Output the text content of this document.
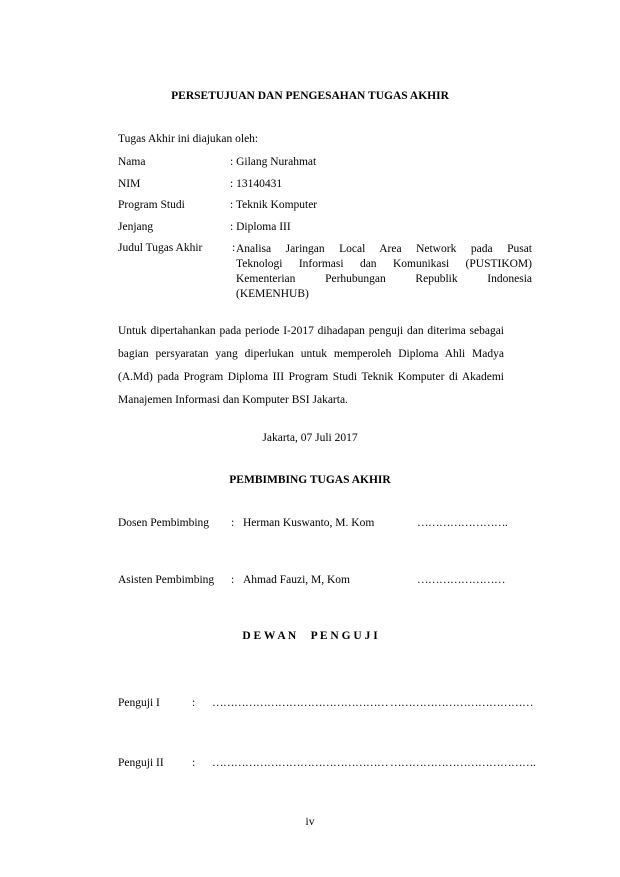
PERSETUJUAN DAN PENGESAHAN TUGAS AKHIR
Tugas Akhir ini diajukan oleh:
Nama	: Gilang Nurahmat
NIM	: 13140431
Program Studi	: Teknik Komputer
Jenjang	: Diploma III
Judul Tugas Akhir	: Analisa Jaringan Local Area Network pada Pusat
Teknologi Informasi dan Komunikasi (PUSTIKOM)
Kementerian Perhubungan Republik Indonesia
(KEMENHUB)
Untuk dipertahankan pada periode I-2017 dihadapan penguji dan diterima sebagai
bagian persyaratan yang diperlukan untuk memperoleh Diploma Ahli Madya
(A.Md) pada Program Diploma III Program Studi Teknik Komputer di Akademi
Manajemen Informasi dan Komputer BSI Jakarta.
Jakarta, 07 Juli 2017
PEMBIMBING TUGAS AKHIR
Dosen Pembimbing : Herman Kuswanto, M. Kom	…………………….
Asisten Pembimbing : Ahmad Fauzi, M, Kom	……………………
D E W A N     P E N G U J I
Penguji I	: ………………………………………… …………………………………
Penguji II : ………………………………………… ………………………………….
iv
